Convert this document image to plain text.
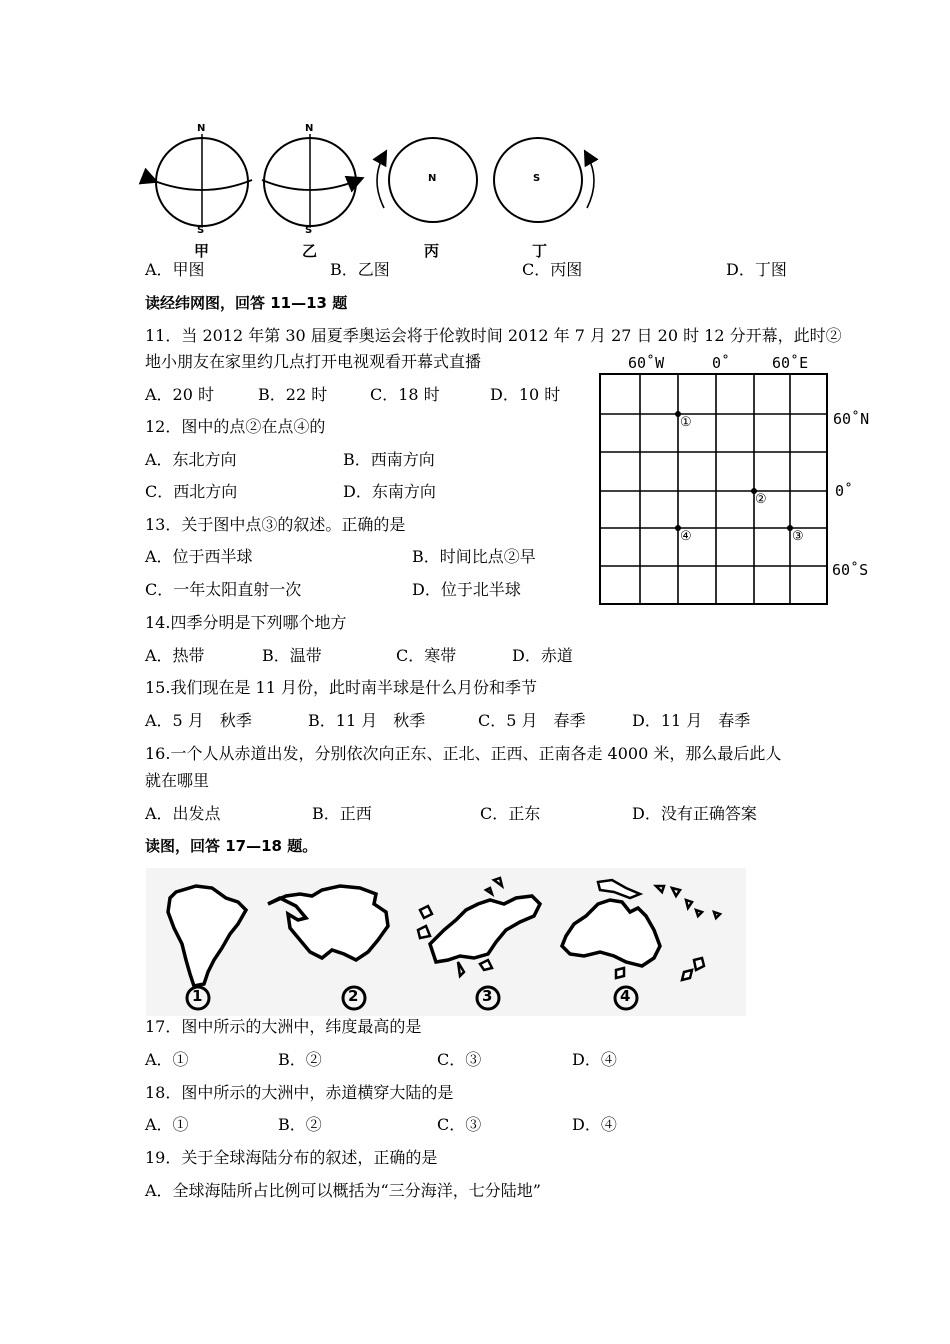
N
S
甲
N
S
乙
N
丙
S
丁
A．甲图	B．乙图	C．丙图	D．丁图
读经纬网图，回答 11—13 题
11．当 2012 年第 30 届夏季奥运会将于伦敦时间 2012 年 7 月 27 日 20 时 12 分开幕，此时②
地小朋友在家里约几点打开电视观看开幕式直播
A．20 时	B．22 时	C．18 时	D．10 时
60˚W	0˚	60˚E
60˚N
0˚
60˚S
①
②
④	③
12．图中的点②在点④的
A．东北方向	B．西南方向
C．西北方向	D．东南方向
13．关于图中点③的叙述。正确的是
A．位于西半球	B．时间比点②早
C．一年太阳直射一次	D．位于北半球
14.四季分明是下列哪个地方
A．热带	B．温带	C．寒带	D．赤道
15.我们现在是 11 月份，此时南半球是什么月份和季节
A．5 月　秋季	B．11 月　秋季	C．5 月　春季	D．11 月　春季
16.一个人从赤道出发，分别依次向正东、正北、正西、正南各走 4000 米，那么最后此人
就在哪里
A．出发点	B．正西	C．正东	D．没有正确答案
读图，回答 17—18 题。
1	2	3	4
17．图中所示的大洲中，纬度最高的是
A．①	B．②	C．③	D．④
18．图中所示的大洲中，赤道横穿大陆的是
A．①	B．②	C．③	D．④
19．关于全球海陆分布的叙述，正确的是
A．全球海陆所占比例可以概括为“三分海洋，七分陆地”
